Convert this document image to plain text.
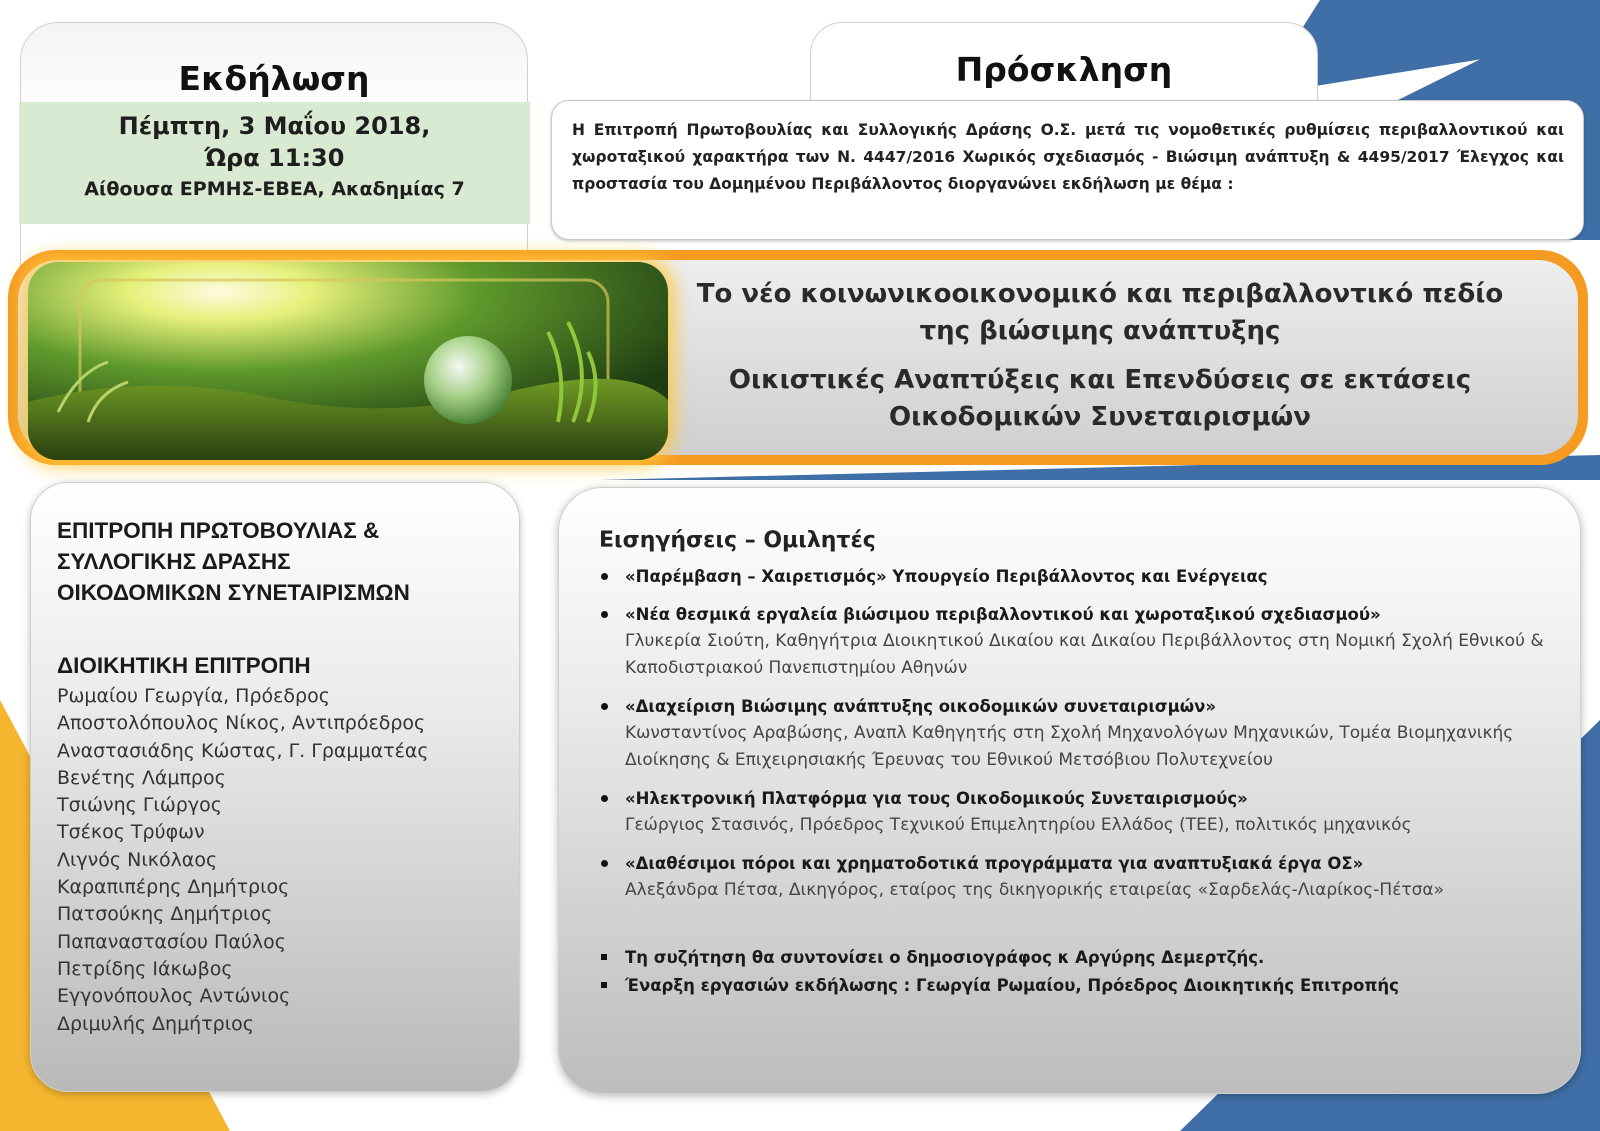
Εκδήλωση
Πέμπτη, 3 Μαΐου 2018,
Ώρα 11:30
Αίθουσα ΕΡΜΗΣ-ΕΒΕΑ, Ακαδημίας 7
Πρόσκληση
Η Επιτροπή Πρωτοβουλίας και Συλλογικής Δράσης Ο.Σ. μετά τις νομοθετικές ρυθμίσεις περιβαλλοντικού και χωροταξικού χαρακτήρα των Ν. 4447/2016 Χωρικός σχεδιασμός - Βιώσιμη ανάπτυξη & 4495/2017 Έλεγχος και προστασία του Δομημένου Περιβάλλοντος διοργανώνει εκδήλωση με θέμα :
Το νέο κοινωνικοοικονομικό και περιβαλλοντικό πεδίο
της βιώσιμης ανάπτυξης
Οικιστικές Αναπτύξεις και Επενδύσεις σε εκτάσεις
Οικοδομικών Συνεταιρισμών
ΕΠΙΤΡΟΠΗ ΠΡΩΤΟΒΟΥΛΙΑΣ &
ΣΥΛΛΟΓΙΚΗΣ ΔΡΑΣΗΣ
ΟΙΚΟΔΟΜΙΚΩΝ ΣΥΝΕΤΑΙΡΙΣΜΩΝ
ΔΙΟΙΚΗΤΙΚΗ ΕΠΙΤΡΟΠΗ
Ρωμαίου Γεωργία, Πρόεδρος
Αποστολόπουλος Νίκος, Αντιπρόεδρος
Αναστασιάδης Κώστας, Γ. Γραμματέας
Βενέτης Λάμπρος
Τσιώνης Γιώργος
Τσέκος Τρύφων
Λιγνός Νικόλαος
Καραπιπέρης Δημήτριος
Πατσούκης Δημήτριος
Παπαναστασίου Παύλος
Πετρίδης Ιάκωβος
Εγγονόπουλος Αντώνιος
Δριμυλής Δημήτριος
Εισηγήσεις – Ομιλητές
«Παρέμβαση – Χαιρετισμός» Υπουργείο Περιβάλλοντος και Ενέργειας
«Νέα θεσμικά εργαλεία βιώσιμου περιβαλλοντικού και χωροταξικού σχεδιασμού»
Γλυκερία Σιούτη, Καθηγήτρια Διοικητικού Δικαίου και Δικαίου Περιβάλλοντος στη Νομική Σχολή Εθνικού & Καποδιστριακού Πανεπιστημίου Αθηνών
«Διαχείριση Βιώσιμης ανάπτυξης οικοδομικών συνεταιρισμών»
Κωνσταντίνος Αραβώσης, Αναπλ Καθηγητής στη Σχολή Μηχανολόγων Μηχανικών, Τομέα Βιομηχανικής Διοίκησης & Επιχειρησιακής Έρευνας του Εθνικού Μετσόβιου Πολυτεχνείου
«Ηλεκτρονική Πλατφόρμα για τους Οικοδομικούς Συνεταιρισμούς»
Γεώργιος Στασινός, Πρόεδρος Τεχνικού Επιμελητηρίου Ελλάδος (ΤΕΕ), πολιτικός μηχανικός
«Διαθέσιμοι πόροι και χρηματοδοτικά προγράμματα για αναπτυξιακά έργα ΟΣ»
Αλεξάνδρα Πέτσα, Δικηγόρος, εταίρος της δικηγορικής εταιρείας «Σαρδελάς-Λιαρίκος-Πέτσα»
Τη συζήτηση θα συντονίσει ο δημοσιογράφος κ Αργύρης Δεμερτζής.
Έναρξη εργασιών εκδήλωσης : Γεωργία Ρωμαίου, Πρόεδρος Διοικητικής Επιτροπής
